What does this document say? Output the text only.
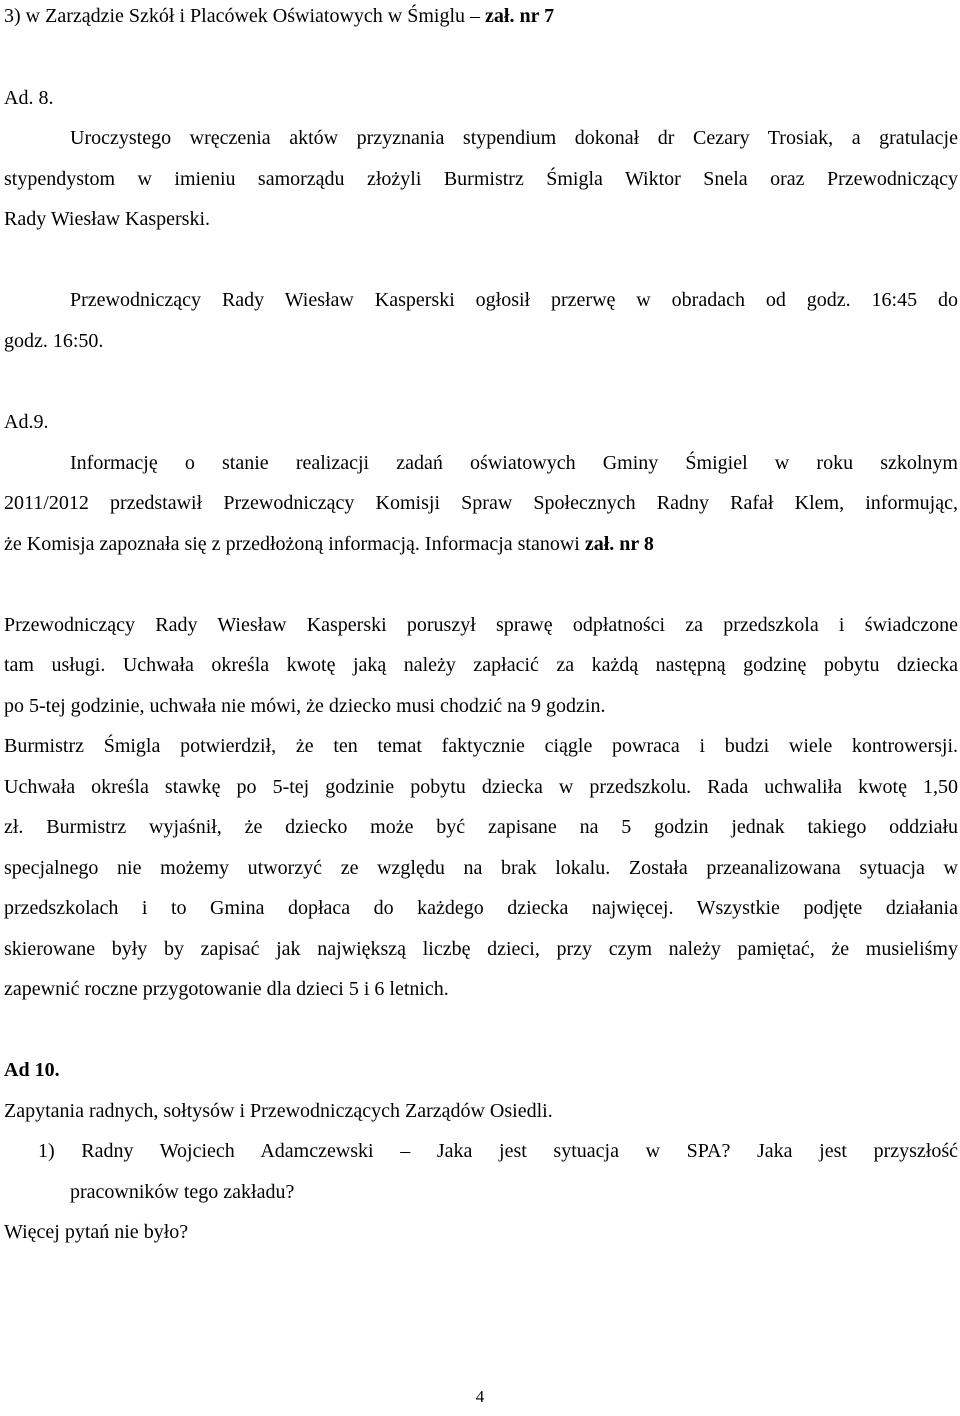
3) w Zarządzie Szkół i Placówek Oświatowych w Śmiglu – zał. nr 7
Ad. 8.
Uroczystego wręczenia aktów przyznania stypendium dokonał dr Cezary Trosiak, a gratulacje
stypendystom w imieniu samorządu złożyli Burmistrz Śmigla Wiktor Snela oraz Przewodniczący
Rady Wiesław Kasperski.
Przewodniczący Rady Wiesław Kasperski ogłosił przerwę w obradach od godz. 16:45 do
godz. 16:50.
Ad.9.
Informację o stanie realizacji zadań oświatowych Gminy Śmigiel w roku szkolnym
2011/2012 przedstawił Przewodniczący Komisji Spraw Społecznych Radny Rafał Klem, informując,
że Komisja zapoznała się z przedłożoną informacją. Informacja stanowi zał. nr 8
Przewodniczący Rady Wiesław Kasperski poruszył sprawę odpłatności za przedszkola i świadczone
tam usługi. Uchwała określa kwotę jaką należy zapłacić za każdą następną godzinę pobytu dziecka
po 5-tej godzinie, uchwała nie mówi, że dziecko musi chodzić na 9 godzin.
Burmistrz Śmigla potwierdził, że ten temat faktycznie ciągle powraca i budzi wiele kontrowersji.
Uchwała określa stawkę po 5-tej godzinie pobytu dziecka w przedszkolu. Rada uchwaliła kwotę 1,50
zł. Burmistrz wyjaśnił, że dziecko może być zapisane na 5 godzin jednak takiego oddziału
specjalnego nie możemy utworzyć ze względu na brak lokalu. Została przeanalizowana sytuacja w
przedszkolach i to Gmina dopłaca do każdego dziecka najwięcej. Wszystkie podjęte działania
skierowane były by zapisać jak największą liczbę dzieci, przy czym należy pamiętać, że musieliśmy
zapewnić roczne przygotowanie dla dzieci 5 i 6 letnich.
Ad 10.
Zapytania radnych, sołtysów i Przewodniczących Zarządów Osiedli.
1) Radny Wojciech Adamczewski – Jaka jest sytuacja w SPA? Jaka jest przyszłość
pracowników tego zakładu?
Więcej pytań nie było?
4
